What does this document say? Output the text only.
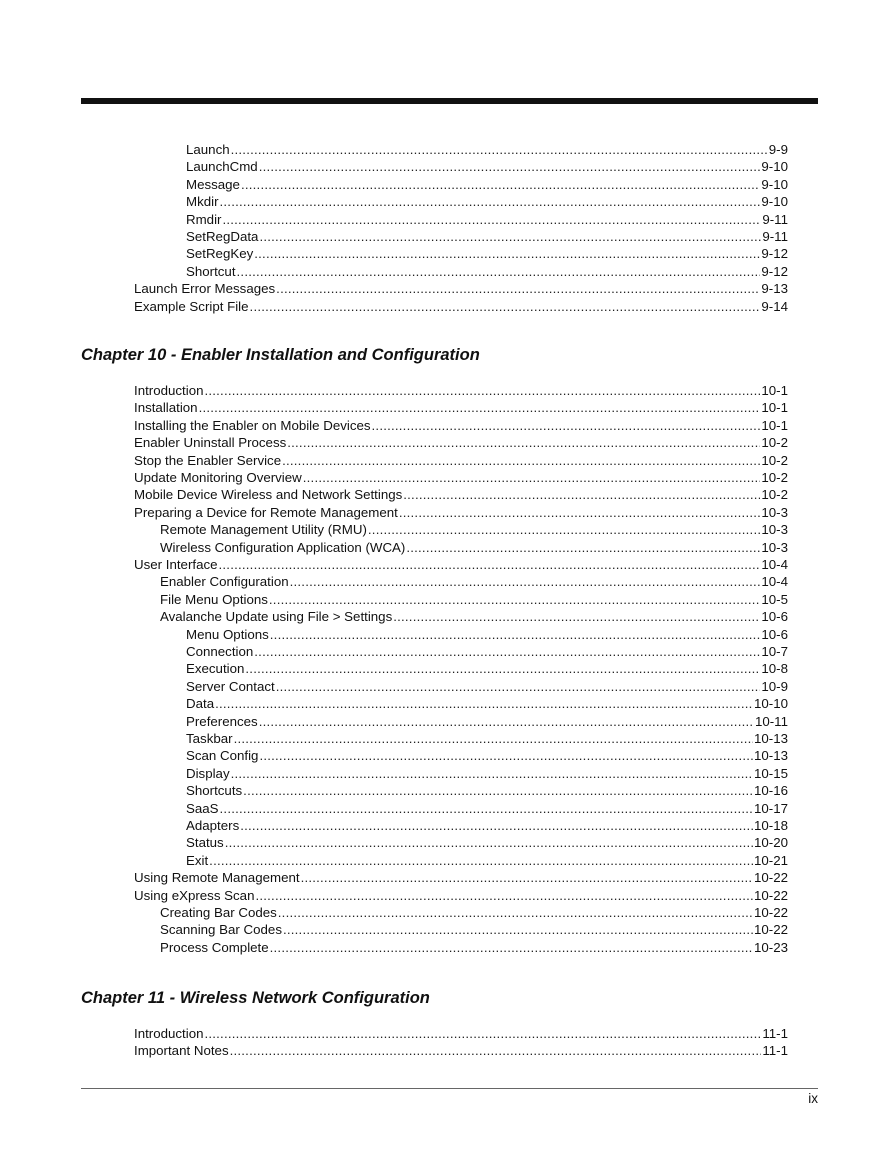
Launch .....	9-9
LaunchCmd .....	9-10
Message .....	9-10
Mkdir .....	9-10
Rmdir .....	9-11
SetRegData .....	9-11
SetRegKey .....	9-12
Shortcut .....	9-12
Launch Error Messages .....	9-13
Example Script File .....	9-14
Chapter 10 - Enabler Installation and Configuration
Introduction .....	10-1
Installation .....	10-1
Installing the Enabler on Mobile Devices .....	10-1
Enabler Uninstall Process .....	10-2
Stop the Enabler Service .....	10-2
Update Monitoring Overview .....	10-2
Mobile Device Wireless and Network Settings .....	10-2
Preparing a Device for Remote Management .....	10-3
Remote Management Utility (RMU) .....	10-3
Wireless Configuration Application (WCA) .....	10-3
User Interface .....	10-4
Enabler Configuration .....	10-4
File Menu Options .....	10-5
Avalanche Update using File > Settings .....	10-6
Menu Options .....	10-6
Connection .....	10-7
Execution .....	10-8
Server Contact .....	10-9
Data .....	10-10
Preferences .....	10-11
Taskbar .....	10-13
Scan Config .....	10-13
Display .....	10-15
Shortcuts .....	10-16
SaaS .....	10-17
Adapters .....	10-18
Status .....	10-20
Exit .....	10-21
Using Remote Management .....	10-22
Using eXpress Scan .....	10-22
Creating Bar Codes .....	10-22
Scanning Bar Codes .....	10-22
Process Complete .....	10-23
Chapter 11 - Wireless Network Configuration
Introduction .....	11-1
Important Notes .....	11-1
ix
